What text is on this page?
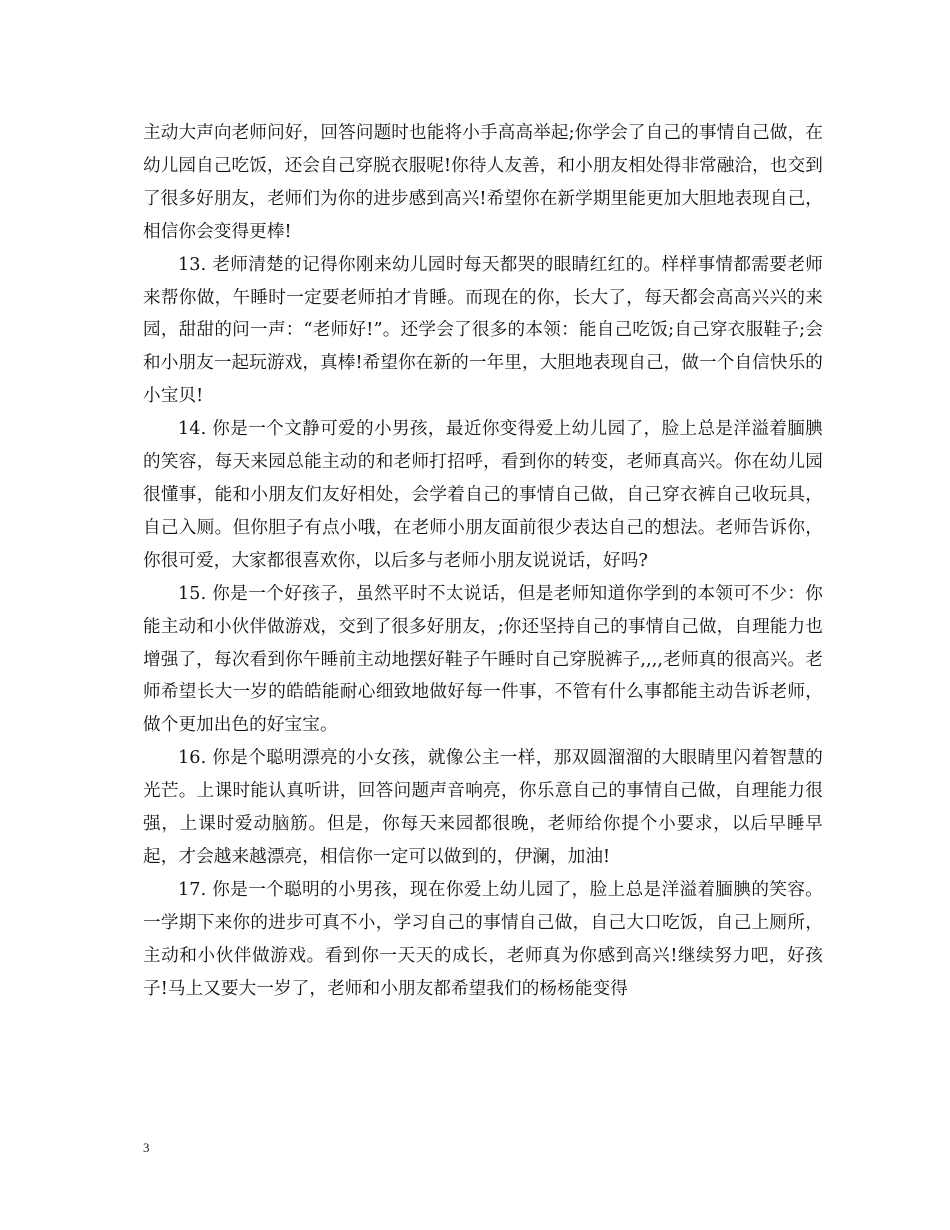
主动大声向老师问好，回答问题时也能将小手高高举起;你学会了自己的事情自己做，在幼儿园自己吃饭，还会自己穿脱衣服呢!你待人友善，和小朋友相处得非常融洽，也交到了很多好朋友，老师们为你的进步感到高兴!希望你在新学期里能更加大胆地表现自己，相信你会变得更棒!

13. 老师清楚的记得你刚来幼儿园时每天都哭的眼睛红红的。样样事情都需要老师来帮你做，午睡时一定要老师拍才肯睡。而现在的你，长大了，每天都会高高兴兴的来园，甜甜的问一声：“老师好!”。还学会了很多的本领：能自己吃饭;自己穿衣服鞋子;会和小朋友一起玩游戏，真棒!希望你在新的一年里，大胆地表现自己，做一个自信快乐的小宝贝!

14. 你是一个文静可爱的小男孩，最近你变得爱上幼儿园了，脸上总是洋溢着腼腆的笑容，每天来园总能主动的和老师打招呼，看到你的转变，老师真高兴。你在幼儿园很懂事，能和小朋友们友好相处，会学着自己的事情自己做，自己穿衣裤自己收玩具，自己入厕。但你胆子有点小哦，在老师小朋友面前很少表达自己的想法。老师告诉你，你很可爱，大家都很喜欢你，以后多与老师小朋友说说话，好吗?

15. 你是一个好孩子，虽然平时不太说话，但是老师知道你学到的本领可不少：你能主动和小伙伴做游戏，交到了很多好朋友，;你还坚持自己的事情自己做，自理能力也增强了，每次看到你午睡前主动地摆好鞋子午睡时自己穿脱裤子,,,,老师真的很高兴。老师希望长大一岁的皓皓能耐心细致地做好每一件事，不管有什么事都能主动告诉老师，做个更加出色的好宝宝。

16. 你是个聪明漂亮的小女孩，就像公主一样，那双圆溜溜的大眼睛里闪着智慧的光芒。上课时能认真听讲，回答问题声音响亮，你乐意自己的事情自己做，自理能力很强，上课时爱动脑筋。但是，你每天来园都很晚，老师给你提个小要求，以后早睡早起，才会越来越漂亮，相信你一定可以做到的，伊澜，加油!

17. 你是一个聪明的小男孩，现在你爱上幼儿园了，脸上总是洋溢着腼腆的笑容。一学期下来你的进步可真不小，学习自己的事情自己做，自己大口吃饭，自己上厕所，主动和小伙伴做游戏。看到你一天天的成长，老师真为你感到高兴!继续努力吧，好孩子!马上又要大一岁了，老师和小朋友都希望我们的杨杨能变得

3
